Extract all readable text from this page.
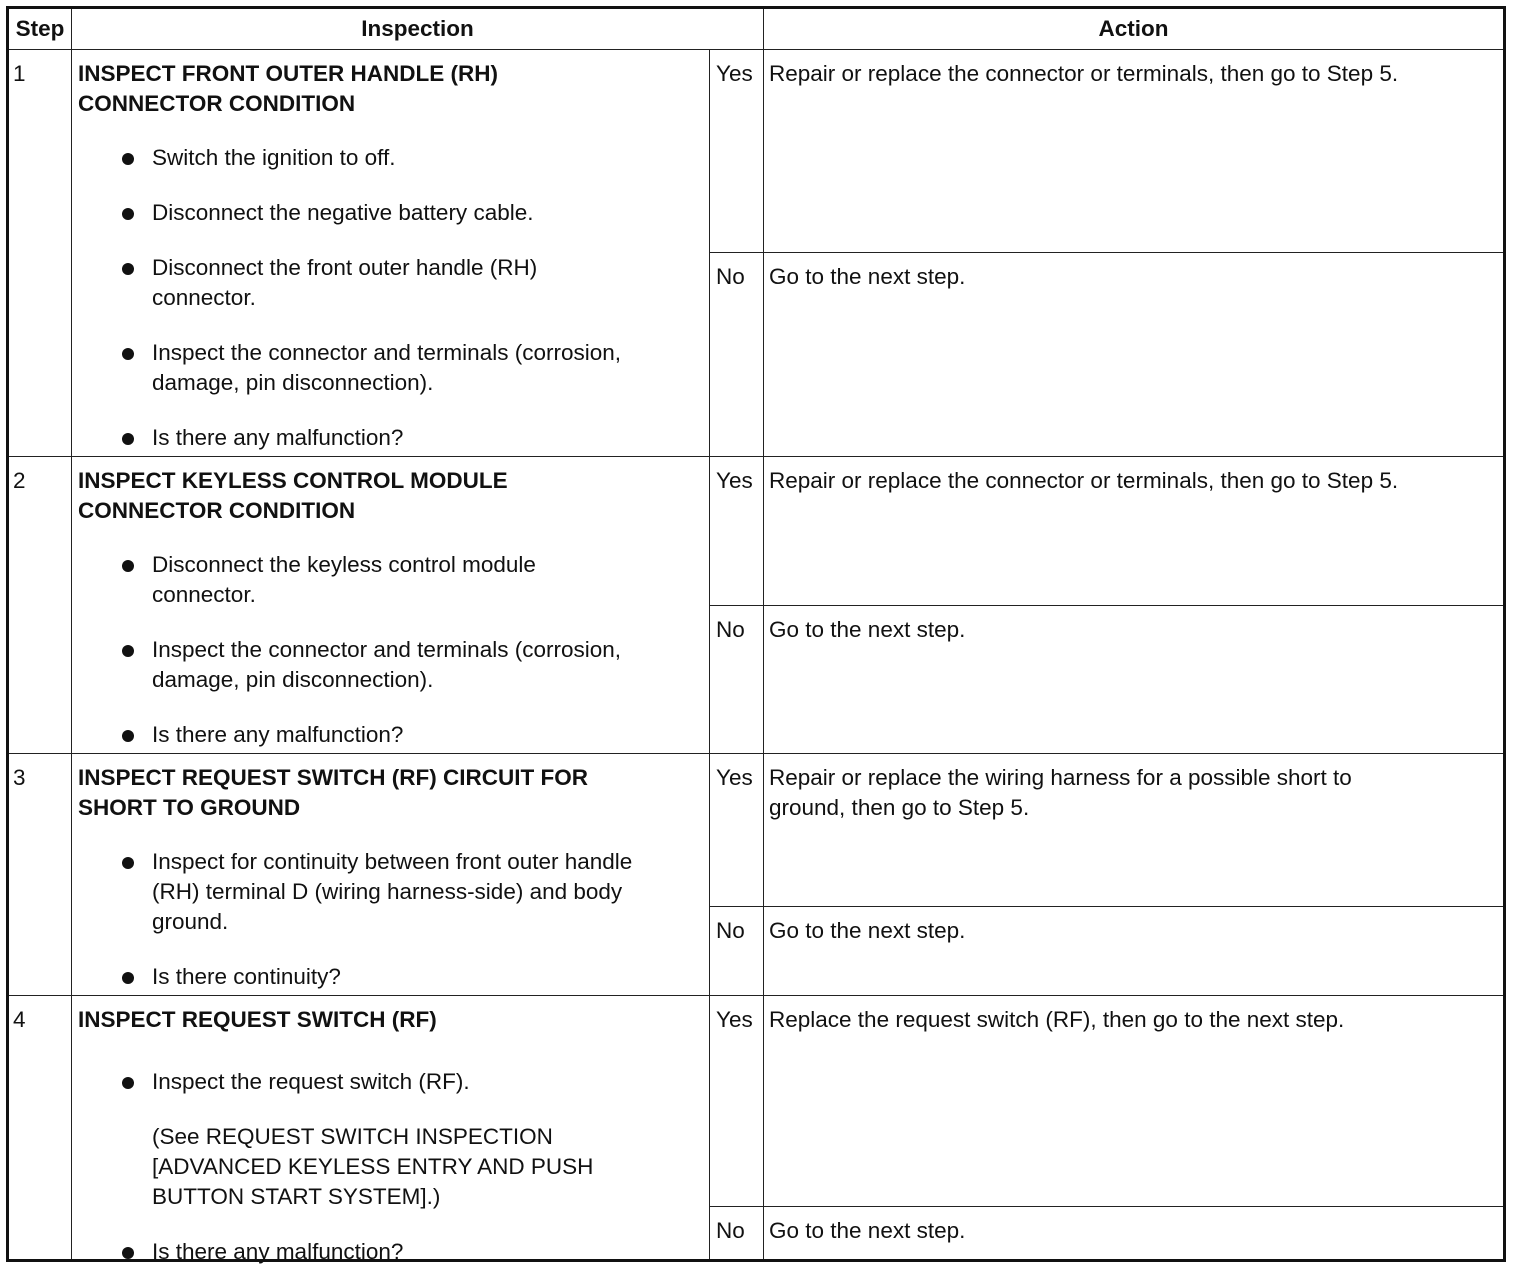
Step	Inspection	Action
1 INSPECT FRONT OUTER HANDLE (RH)
CONNECTOR CONDITION
Switch the ignition to off.
Disconnect the negative battery cable.
Disconnect the front outer handle (RH) connector.
Inspect the connector and terminals (corrosion, damage, pin disconnection).
Is there any malfunction?
Yes Repair or replace the connector or terminals, then go to Step 5.
No Go to the next step.
2 INSPECT KEYLESS CONTROL MODULE
CONNECTOR CONDITION
Disconnect the keyless control module connector.
Inspect the connector and terminals (corrosion, damage, pin disconnection).
Is there any malfunction?
Yes Repair or replace the connector or terminals, then go to Step 5.
No Go to the next step.
3 INSPECT REQUEST SWITCH (RF) CIRCUIT FOR
SHORT TO GROUND
Inspect for continuity between front outer handle (RH) terminal D (wiring harness-side) and body ground.
Is there continuity?
Yes Repair or replace the wiring harness for a possible short to ground, then go to Step 5.
No Go to the next step.
4 INSPECT REQUEST SWITCH (RF)
Inspect the request switch (RF).
(See REQUEST SWITCH INSPECTION [ADVANCED KEYLESS ENTRY AND PUSH BUTTON START SYSTEM].)
Is there any malfunction?
Yes Replace the request switch (RF), then go to the next step.
No Go to the next step.
